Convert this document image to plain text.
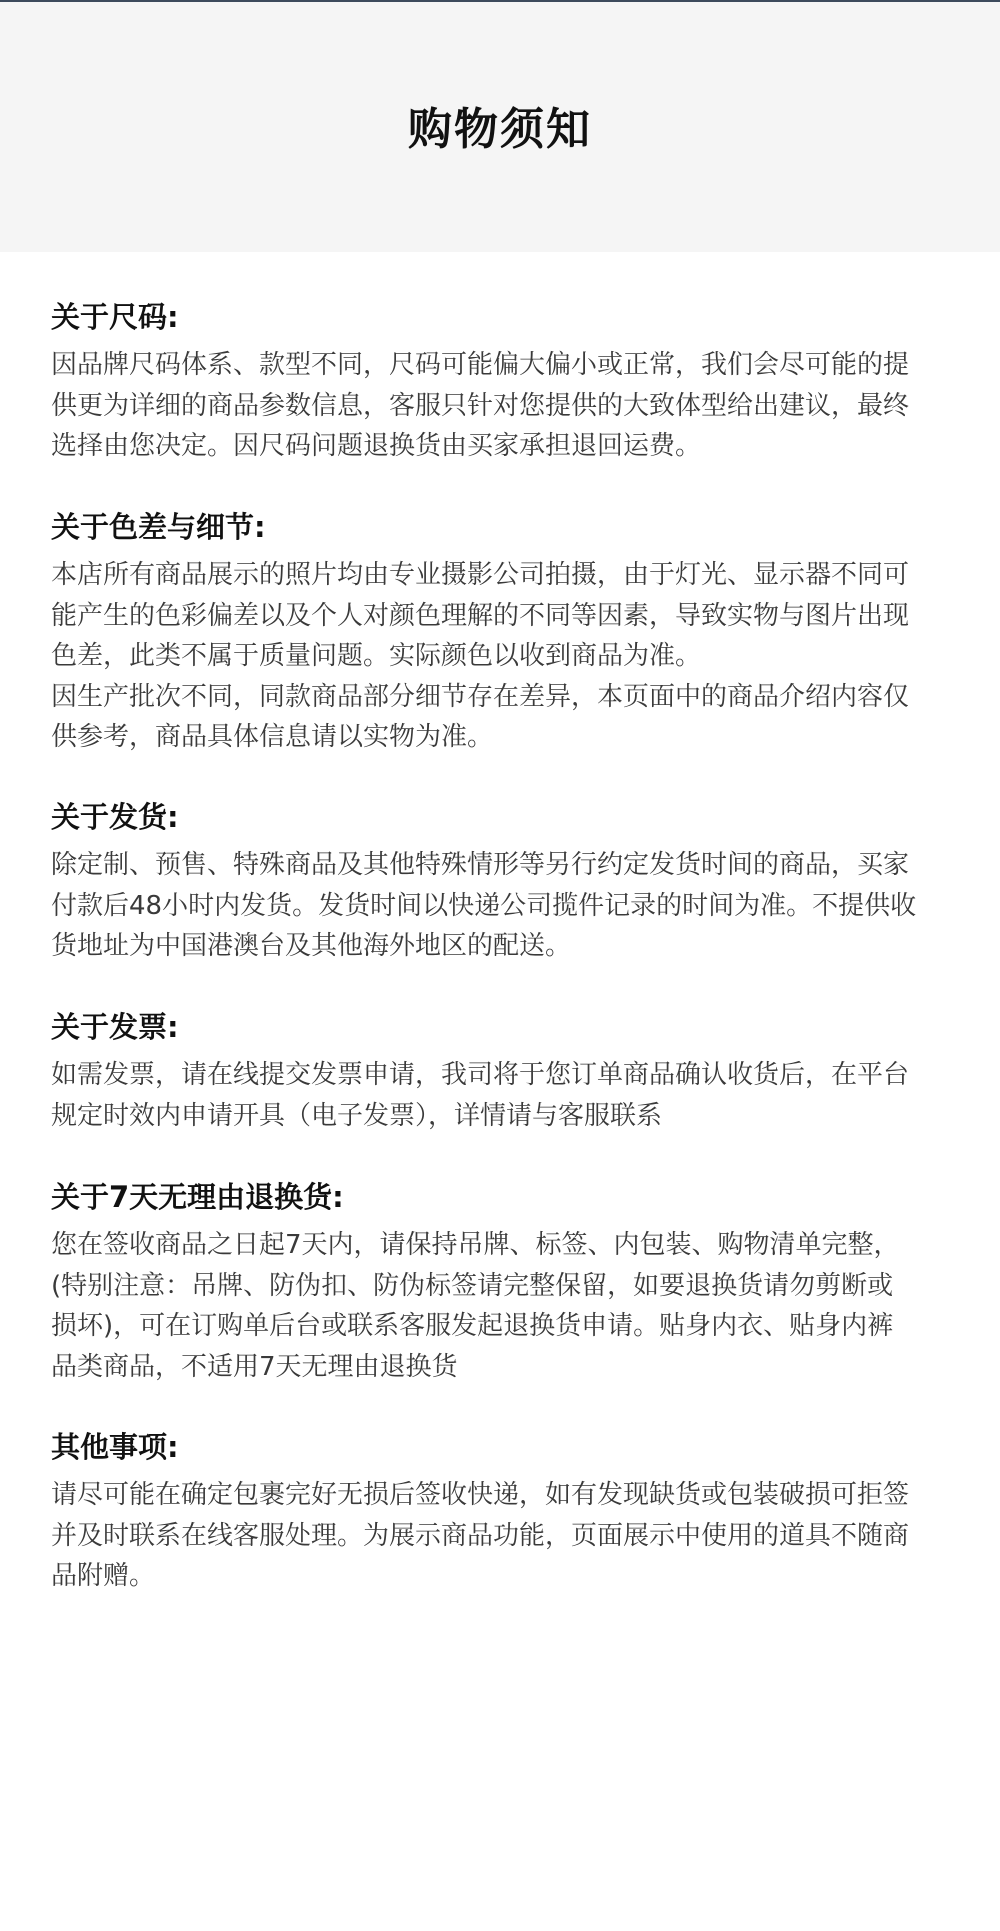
购物须知
关于尺码:
因品牌尺码体系、款型不同，尺码可能偏大偏小或正常，我们会尽可能的提
供更为详细的商品参数信息，客服只针对您提供的大致体型给出建议，最终
选择由您决定。因尺码问题退换货由买家承担退回运费。
关于色差与细节:
本店所有商品展示的照片均由专业摄影公司拍摄，由于灯光、显示器不同可
能产生的色彩偏差以及个人对颜色理解的不同等因素，导致实物与图片出现
色差，此类不属于质量问题。实际颜色以收到商品为准。
因生产批次不同，同款商品部分细节存在差异，本页面中的商品介绍内容仅
供参考，商品具体信息请以实物为准。
关于发货:
除定制、预售、特殊商品及其他特殊情形等另行约定发货时间的商品，买家
付款后48小时内发货。发货时间以快递公司揽件记录的时间为准。不提供收
货地址为中国港澳台及其他海外地区的配送。
关于发票:
如需发票，请在线提交发票申请，我司将于您订单商品确认收货后，在平台
规定时效内申请开具（电子发票），详情请与客服联系
关于7天无理由退换货:
您在签收商品之日起7天内，请保持吊牌、标签、内包装、购物清单完整，
(特别注意：吊牌、防伪扣、防伪标签请完整保留，如要退换货请勿剪断或
损坏)，可在订购单后台或联系客服发起退换货申请。贴身内衣、贴身内裤
品类商品，不适用7天无理由退换货
其他事项:
请尽可能在确定包裹完好无损后签收快递，如有发现缺货或包装破损可拒签
并及时联系在线客服处理。为展示商品功能，页面展示中使用的道具不随商
品附赠。
